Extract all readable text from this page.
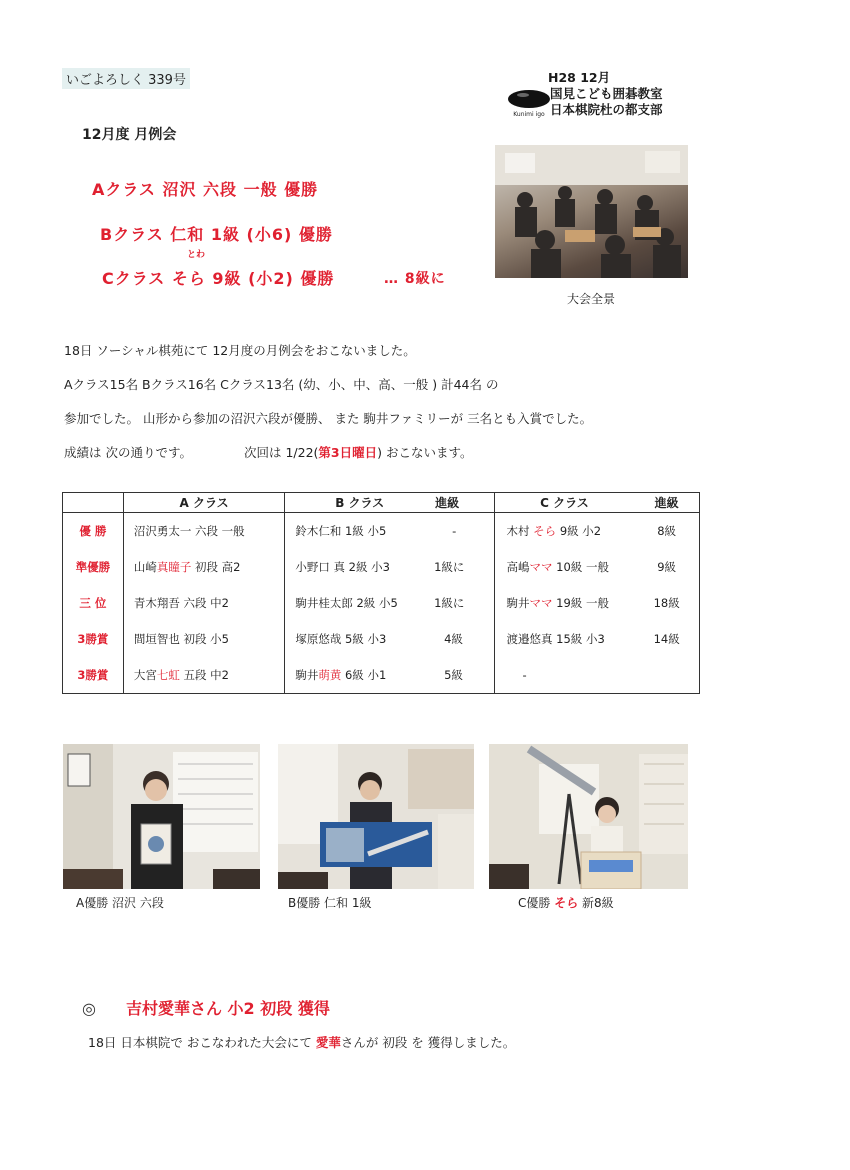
いごよろしく 339号
Kunimi igo
H28 12月
国見こども囲碁教室
日本棋院杜の都支部
12月度 月例会
Aクラス 沼沢 六段 一般 優勝
Bクラス 仁和 1級 (小6) 優勝
とわ
Cクラス そら 9級 (小2) 優勝	… 8級に
大会全景
18日 ソーシャル棋苑にて 12月度の月例会をおこないました。
Aクラス15名 Bクラス16名 Cクラス13名 (幼、小、中、高、一般 ) 計44名 の
参加でした。 山形から参加の沼沢六段が優勝、 また 駒井ファミリーが 三名とも入賞でした。
成績は 次の通りです。	次回は 1/22(第3日曜日) おこないます。
	A クラス	B クラス	進級	C クラス	進級
優 勝	沼沢勇太一 六段 一般	鈴木仁和 1級 小5	-	木村 そら 9級 小2	8級
準優勝	山崎真瞳子 初段 高2	小野口 真 2級 小3	1級に	高嶋ママ 10級 一般	9級
三 位	青木翔吾 六段 中2	駒井桂太郎 2級 小5	1級に	駒井ママ 19級 一般	18級
3勝賞	間垣智也 初段 小5	塚原悠哉 5級 小3	4級	渡邉悠真 15級 小3	14級
3勝賞	大宮七虹 五段 中2	駒井萌黄 6級 小1	5級	-	
A優勝 沼沢 六段	B優勝 仁和 1級	C優勝 そら 新8級
◎ 吉村愛華さん 小2 初段 獲得
18日 日本棋院で おこなわれた大会にて 愛華さんが 初段 を 獲得しました。
